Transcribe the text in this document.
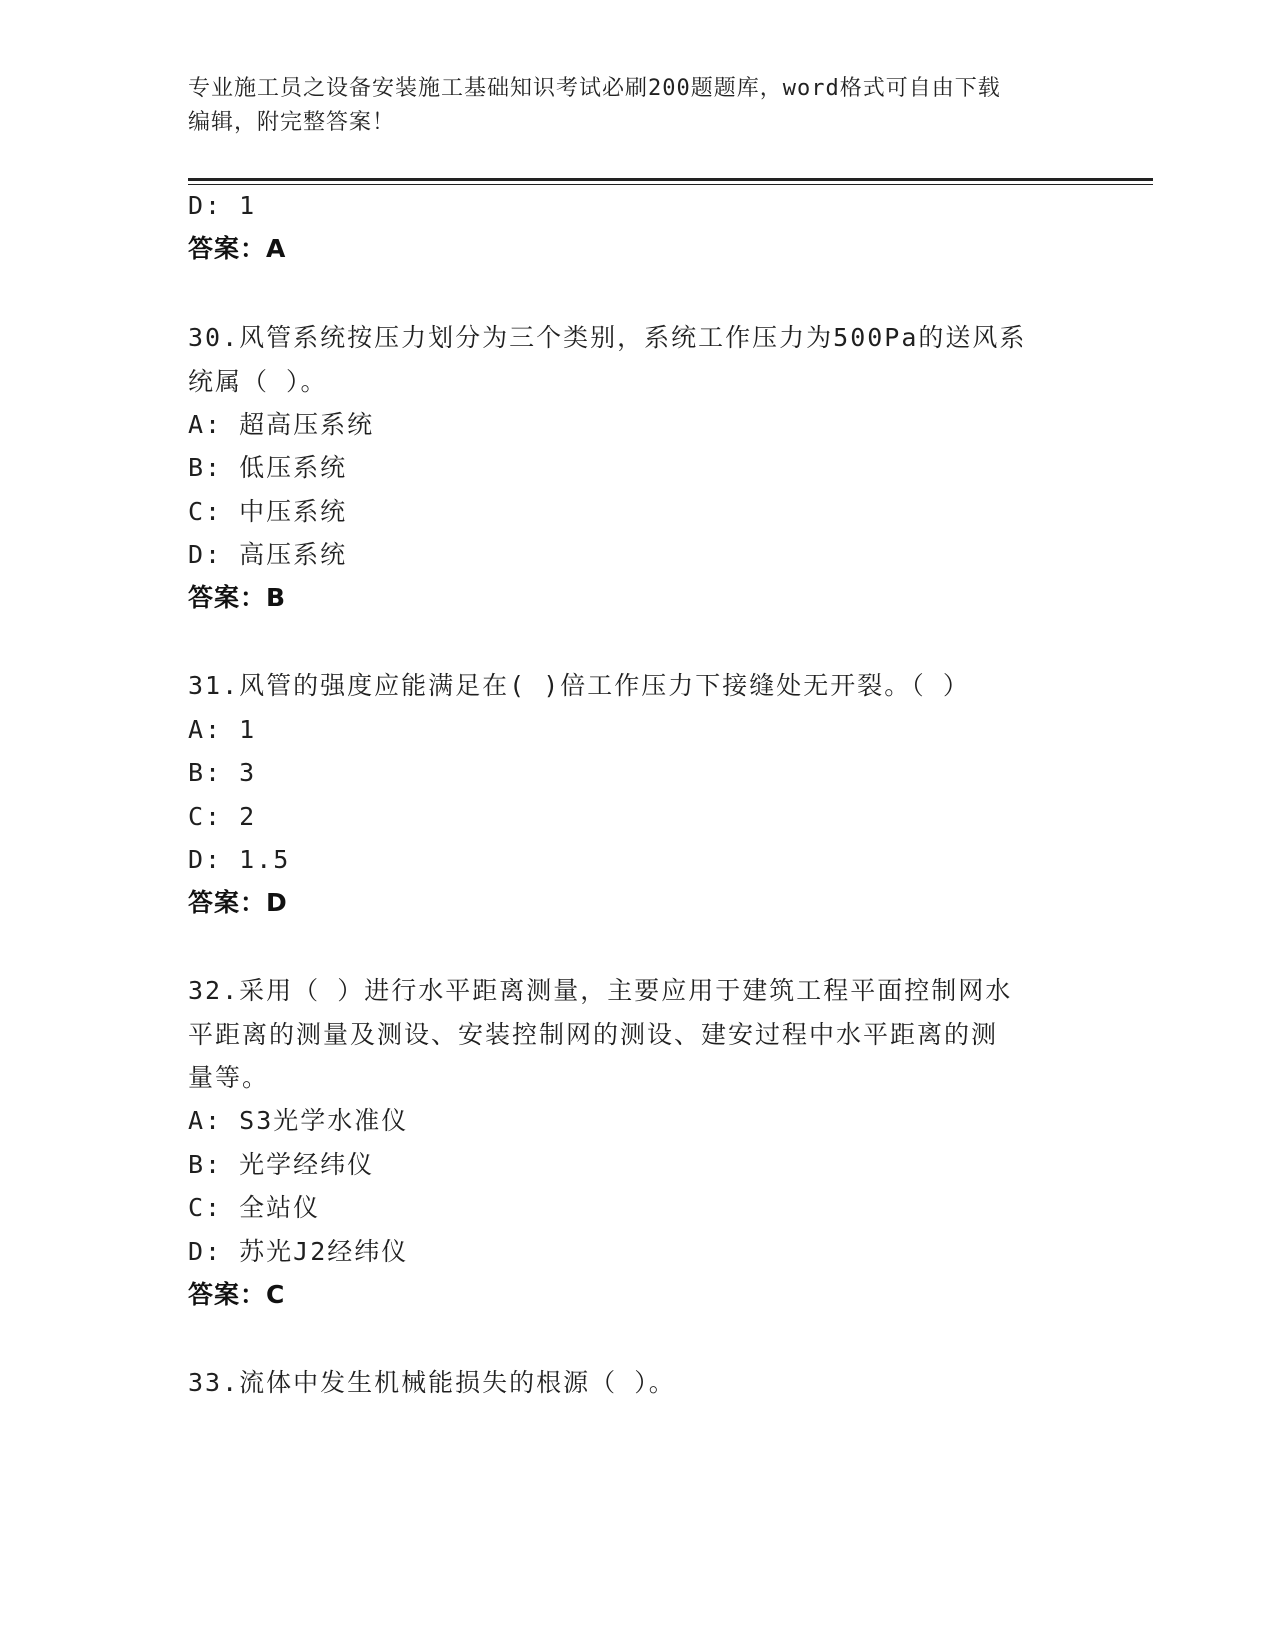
专业施工员之设备安装施工基础知识考试必刷200题题库，word格式可自由下载
编辑，附完整答案！
D: 1
答案：A
30.风管系统按压力划分为三个类别，系统工作压力为500Pa的送风系
统属（ ）。
A: 超高压系统
B: 低压系统
C: 中压系统
D: 高压系统
答案：B
31.风管的强度应能满足在( )倍工作压力下接缝处无开裂。（ ）
A: 1
B: 3
C: 2
D: 1.5
答案：D
32.采用（ ）进行水平距离测量，主要应用于建筑工程平面控制网水
平距离的测量及测设、安装控制网的测设、建安过程中水平距离的测
量等。
A: S3光学水准仪
B: 光学经纬仪
C: 全站仪
D: 苏光J2经纬仪
答案：C
33.流体中发生机械能损失的根源（ ）。
